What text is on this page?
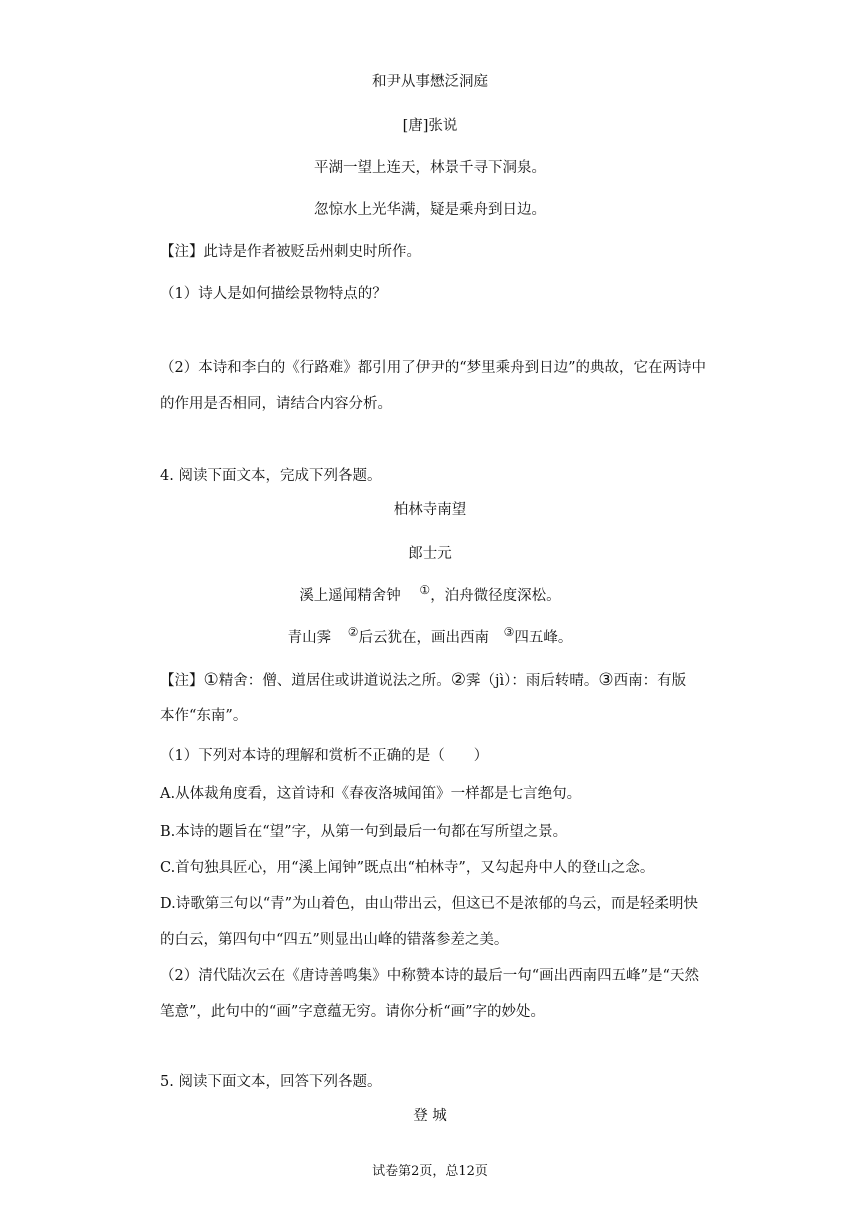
和尹从事懋泛洞庭
[唐]张说
平湖一望上连天，林景千寻下洞泉。
忽惊水上光华满，疑是乘舟到日边。
【注】此诗是作者被贬岳州刺史时所作。
（1）诗人是如何描绘景物特点的？
（2）本诗和李白的《行路难》都引用了伊尹的“梦里乘舟到日边”的典故，它在两诗中
的作用是否相同，请结合内容分析。
4. 阅读下面文本，完成下列各题。
柏林寺南望
郎士元
溪上遥闻精舍钟 ①，泊舟微径度深松。
青山霁 ②后云犹在，画出西南 ③四五峰。
【注】①精舍：僧、道居住或讲道说法之所。②霁（jì）：雨后转晴。③西南：有版
本作“东南”。
（1）下列对本诗的理解和赏析不正确的是（　　）
A.从体裁角度看，这首诗和《春夜洛城闻笛》一样都是七言绝句。
B.本诗的题旨在“望”字，从第一句到最后一句都在写所望之景。
C.首句独具匠心，用“溪上闻钟”既点出“柏林寺”，又勾起舟中人的登山之念。
D.诗歌第三句以“青”为山着色，由山带出云，但这已不是浓郁的乌云，而是轻柔明快
的白云，第四句中“四五”则显出山峰的错落参差之美。
（2）清代陆次云在《唐诗善鸣集》中称赞本诗的最后一句“画出西南四五峰”是“天然
笔意”，此句中的“画”字意蕴无穷。请你分析“画”字的妙处。
5. 阅读下面文本，回答下列各题。
登 城
试卷第2页，总12页
